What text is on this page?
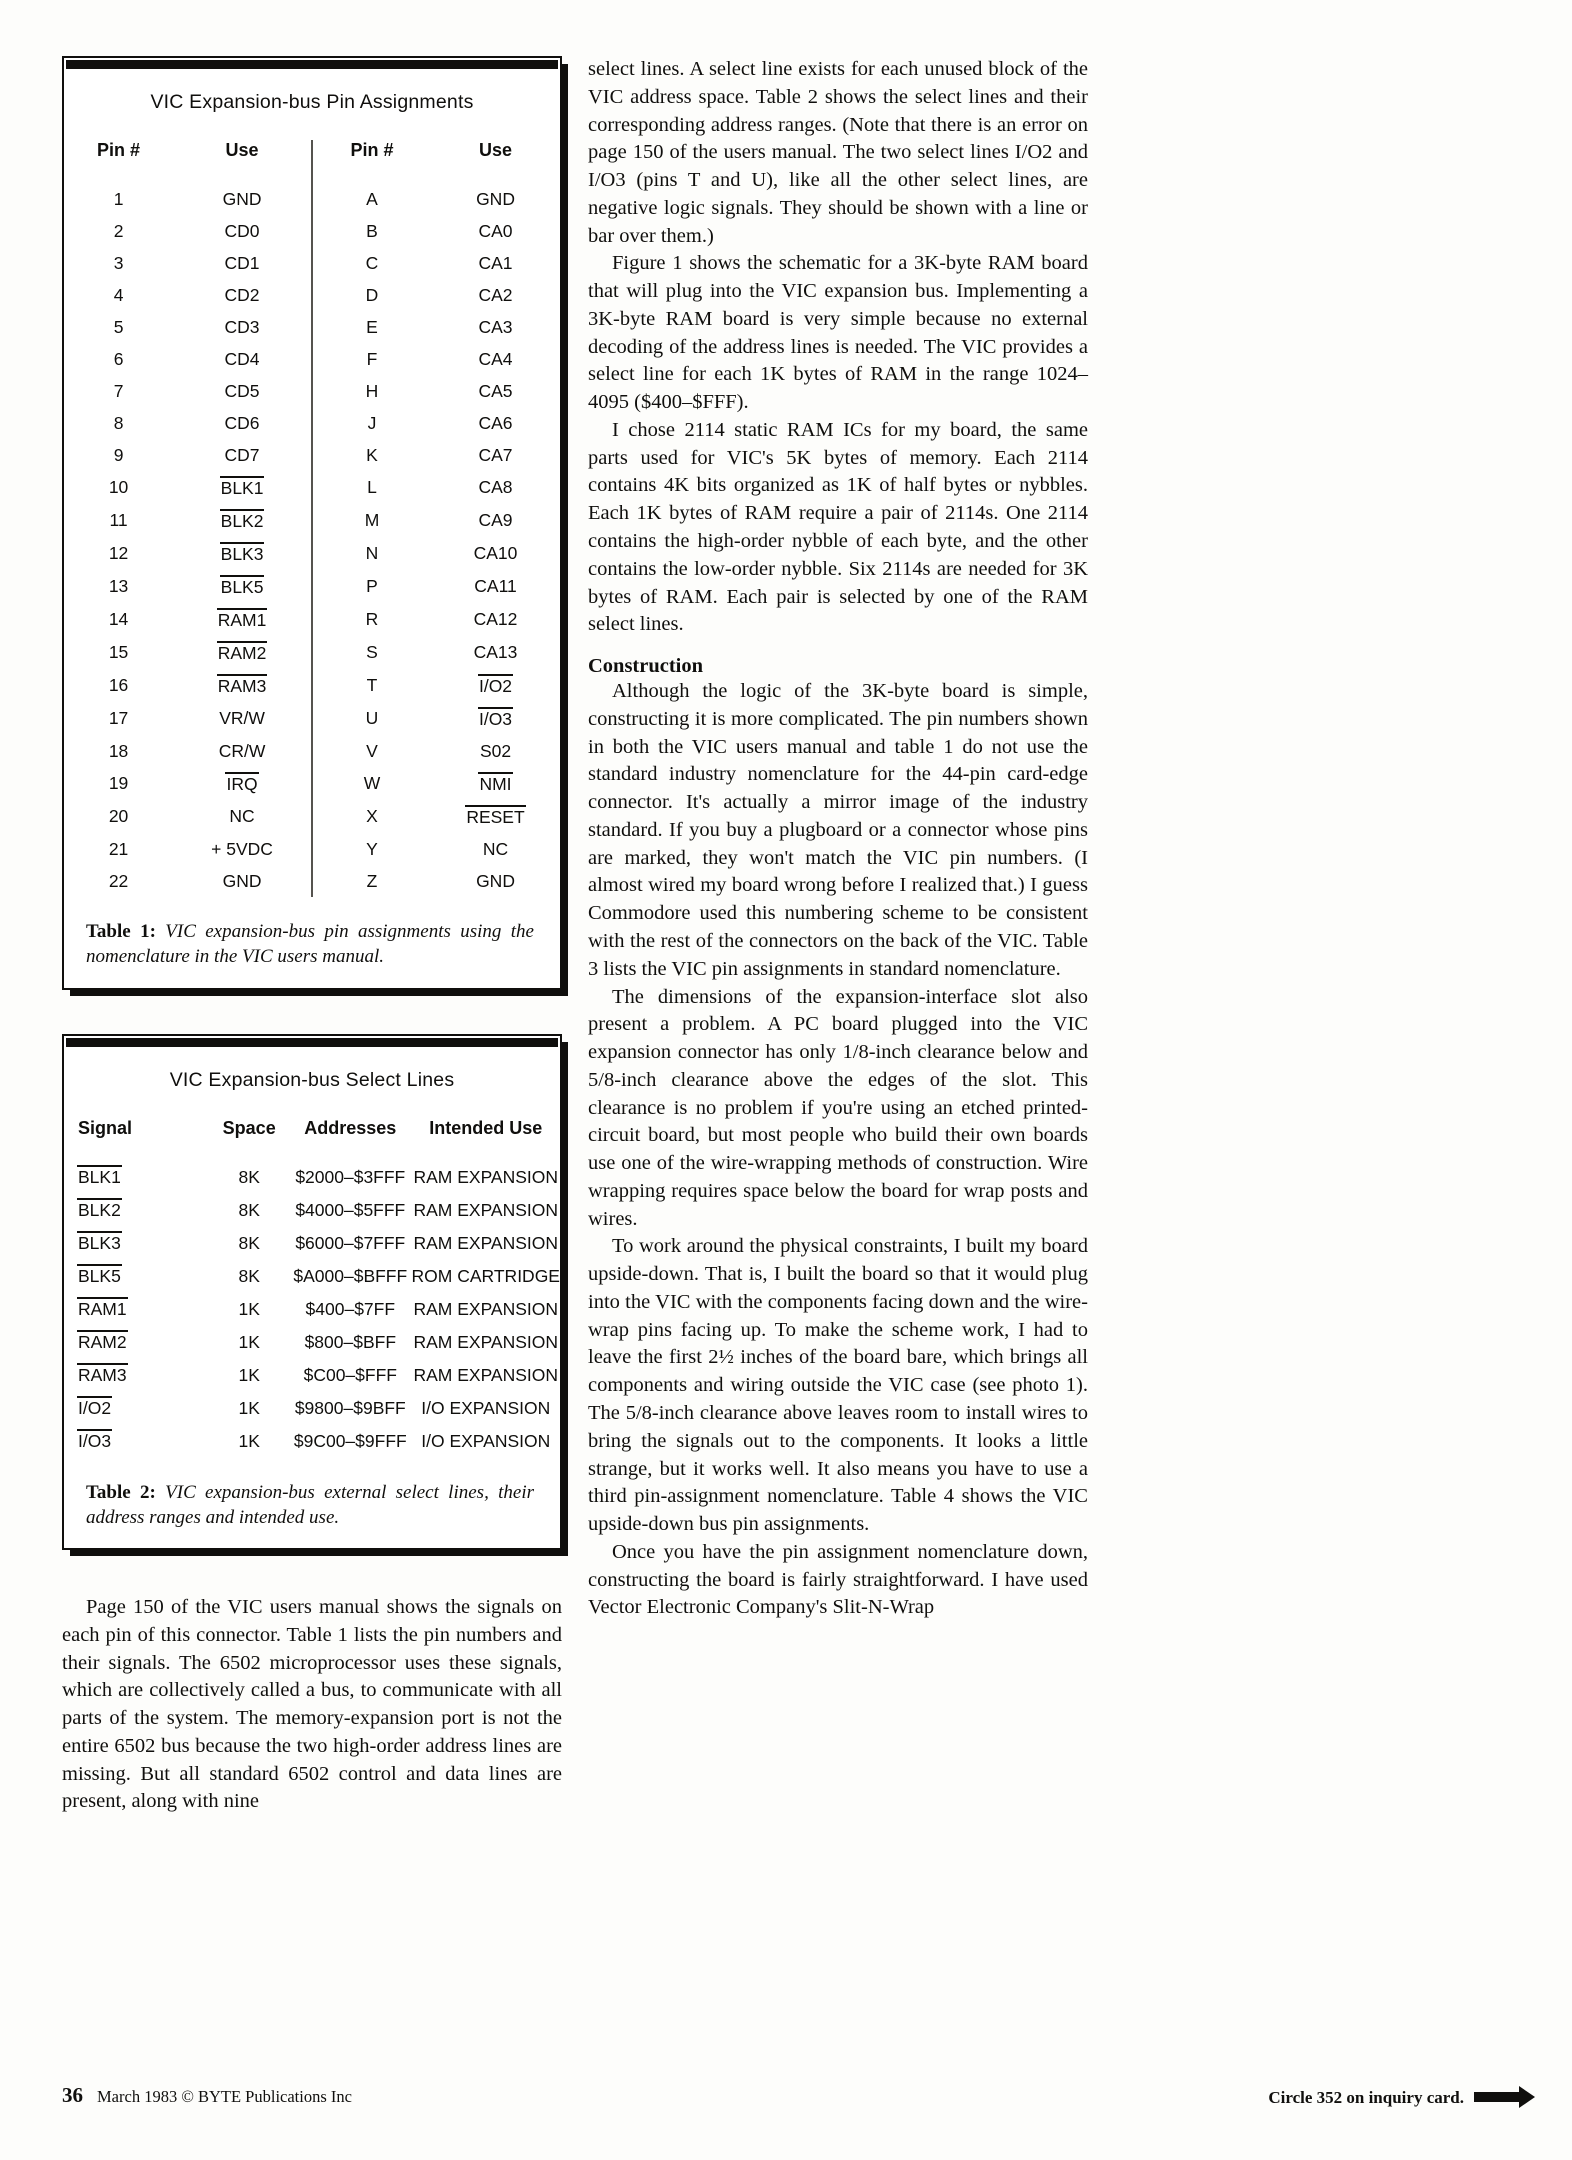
VIC Expansion-bus Pin Assignments
Pin #	Use	Pin #	Use
1	GND	A	GND
2	CD0	B	CA0
3	CD1	C	CA1
4	CD2	D	CA2
5	CD3	E	CA3
6	CD4	F	CA4
7	CD5	H	CA5
8	CD6	J	CA6
9	CD7	K	CA7
10	BLK1	L	CA8
11	BLK2	M	CA9
12	BLK3	N	CA10
13	BLK5	P	CA11
14	RAM1	R	CA12
15	RAM2	S	CA13
16	RAM3	T	I/O2
17	VR/W	U	I/O3
18	CR/W	V	S02
19	IRQ	W	NMI
20	NC	X	RESET
21	+ 5VDC	Y	NC
22	GND	Z	GND
Table 1: VIC expansion-bus pin assignments using the nomenclature in the VIC users manual.
VIC Expansion-bus Select Lines
Signal	Space	Addresses	Intended Use
BLK1	8K	$2000–$3FFF	RAM EXPANSION
BLK2	8K	$4000–$5FFF	RAM EXPANSION
BLK3	8K	$6000–$7FFF	RAM EXPANSION
BLK5	8K	$A000–$BFFF	ROM CARTRIDGE
RAM1	1K	$400–$7FF	RAM EXPANSION
RAM2	1K	$800–$BFF	RAM EXPANSION
RAM3	1K	$C00–$FFF	RAM EXPANSION
I/O2	1K	$9800–$9BFF	I/O EXPANSION
I/O3	1K	$9C00–$9FFF	I/O EXPANSION
Table 2: VIC expansion-bus external select lines, their address ranges and intended use.

Page 150 of the VIC users manual shows the signals on each pin of this connector. Table 1 lists the pin numbers and their signals. The 6502 microprocessor uses these signals, which are collectively called a bus, to communicate with all parts of the system. The memory-expansion port is not the entire 6502 bus because the two high-order address lines are missing. But all standard 6502 control and data lines are present, along with nine

select lines. A select line exists for each unused block of the VIC address space. Table 2 shows the select lines and their corresponding address ranges. (Note that there is an error on page 150 of the users manual. The two select lines I/O2 and I/O3 (pins T and U), like all the other select lines, are negative logic signals. They should be shown with a line or bar over them.)

Figure 1 shows the schematic for a 3K-byte RAM board that will plug into the VIC expansion bus. Implementing a 3K-byte RAM board is very simple because no external decoding of the address lines is needed. The VIC provides a select line for each 1K bytes of RAM in the range 1024–4095 ($400–$FFF).

I chose 2114 static RAM ICs for my board, the same parts used for VIC's 5K bytes of memory. Each 2114 contains 4K bits organized as 1K of half bytes or nybbles. Each 1K bytes of RAM require a pair of 2114s. One 2114 contains the high-order nybble of each byte, and the other contains the low-order nybble. Six 2114s are needed for 3K bytes of RAM. Each pair is selected by one of the RAM select lines.

Construction

Although the logic of the 3K-byte board is simple, constructing it is more complicated. The pin numbers shown in both the VIC users manual and table 1 do not use the standard industry nomenclature for the 44-pin card-edge connector. It's actually a mirror image of the industry standard. If you buy a plugboard or a connector whose pins are marked, they won't match the VIC pin numbers. (I almost wired my board wrong before I realized that.) I guess Commodore used this numbering scheme to be consistent with the rest of the connectors on the back of the VIC. Table 3 lists the VIC pin assignments in standard nomenclature.

The dimensions of the expansion-interface slot also present a problem. A PC board plugged into the VIC expansion connector has only 1/8-inch clearance below and 5/8-inch clearance above the edges of the slot. This clearance is no problem if you're using an etched printed-circuit board, but most people who build their own boards use one of the wire-wrapping methods of construction. Wire wrapping requires space below the board for wrap posts and wires.

To work around the physical constraints, I built my board upside-down. That is, I built the board so that it would plug into the VIC with the components facing down and the wire-wrap pins facing up. To make the scheme work, I had to leave the first 2½ inches of the board bare, which brings all components and wiring outside the VIC case (see photo 1). The 5/8-inch clearance above leaves room to install wires to bring the signals out to the components. It looks a little strange, but it works well. It also means you have to use a third pin-assignment nomenclature. Table 4 shows the VIC upside-down bus pin assignments.

Once you have the pin assignment nomenclature down, constructing the board is fairly straightforward. I have used Vector Electronic Company's Slit-N-Wrap

36 March 1983 © BYTE Publications Inc	Circle 352 on inquiry card.
